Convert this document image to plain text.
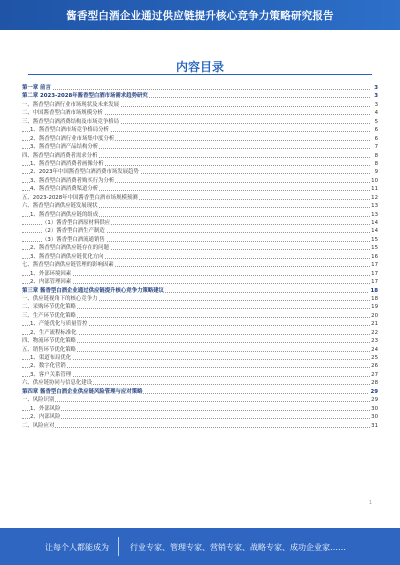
酱香型白酒企业通过供应链提升核心竞争力策略研究报告
内容目录
第一章 前言	3
第二章 2023-2028年酱香型白酒市场需求趋势研究	3
一、酱香型白酒行业市场现状及未来发展	3
二、中国酱香型白酒市场规模分析	4
三、酱香型白酒消费结构及市场竞争格局	5
1、酱香型白酒市场竞争格局分析	6
2、酱香型白酒行业市场集中度分析	6
3、酱香型白酒产品结构分析	7
四、酱香型白酒消费者需求分析	8
1、酱香型白酒消费者画像分析	8
2、2023年中国酱香型白酒消费市场发展趋势	9
3、酱香型白酒消费者购买行为分析	10
4、酱香型白酒消费渠道分析	11
五、2023-2028年中国酱香型白酒市场规模预测	12
六、酱香型白酒供应链发展现状	13
1、酱香型白酒供应链的组成	13
（1）酱香型白酒原材料供应	14
（2）酱香型白酒生产制造	14
（3）酱香型白酒流通销售	15
2、酱香型白酒供应链存在的问题	15
3、酱香型白酒供应链优化方向	16
七、酱香型白酒供应链管理的影响因素	17
1、外部环境因素	17
2、内部管理因素	17
第三章 酱香型白酒企业通过供应链提升核心竞争力策略建议	18
一、供应链视角下的核心竞争力	18
二、采购环节优化策略	19
三、生产环节优化策略	20
1、产能优化与质量管控	21
2、生产流程标准化	22
四、物流环节优化策略	23
五、销售环节优化策略	24
1、渠道布局优化	25
2、数字化营销	26
3、客户关系管理	27
六、供应链协同与信息化建设	28
第四章 酱香型白酒企业供应链风险管理与应对策略	29
一、风险识别	29
1、外部风险	30
2、内部风险	30
二、风险应对	31
1
让每个人都能成为	行业专家、管理专家、营销专家、战略专家、成功企业家……
